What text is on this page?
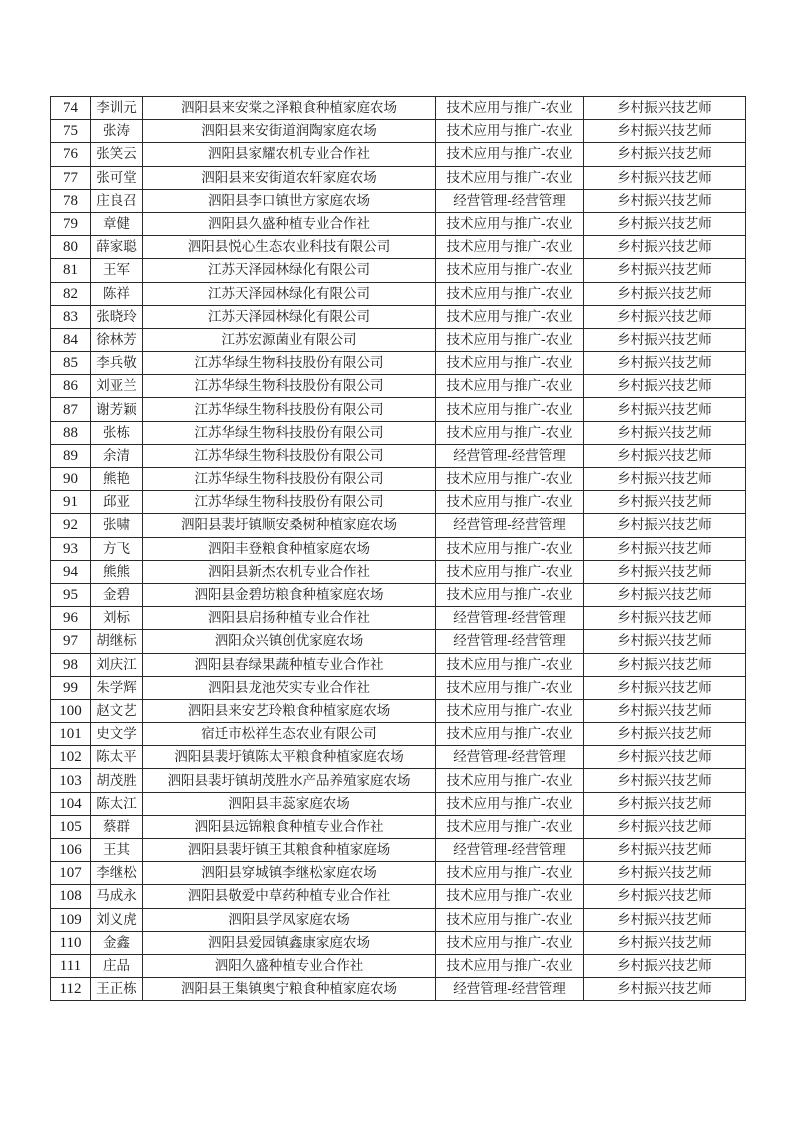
74	李训元	泗阳县来安棠之泽粮食种植家庭农场	技术应用与推广-农业	乡村振兴技艺师
75	张涛	泗阳县来安街道润陶家庭农场	技术应用与推广-农业	乡村振兴技艺师
76	张笑云	泗阳县家耀农机专业合作社	技术应用与推广-农业	乡村振兴技艺师
77	张可堂	泗阳县来安街道农轩家庭农场	技术应用与推广-农业	乡村振兴技艺师
78	庄良召	泗阳县李口镇世方家庭农场	经营管理-经营管理	乡村振兴技艺师
79	章健	泗阳县久盛种植专业合作社	技术应用与推广-农业	乡村振兴技艺师
80	薛家聪	泗阳县悦心生态农业科技有限公司	技术应用与推广-农业	乡村振兴技艺师
81	王军	江苏天泽园林绿化有限公司	技术应用与推广-农业	乡村振兴技艺师
82	陈祥	江苏天泽园林绿化有限公司	技术应用与推广-农业	乡村振兴技艺师
83	张晓玲	江苏天泽园林绿化有限公司	技术应用与推广-农业	乡村振兴技艺师
84	徐林芳	江苏宏源菌业有限公司	技术应用与推广-农业	乡村振兴技艺师
85	李兵敬	江苏华绿生物科技股份有限公司	技术应用与推广-农业	乡村振兴技艺师
86	刘亚兰	江苏华绿生物科技股份有限公司	技术应用与推广-农业	乡村振兴技艺师
87	谢芳颖	江苏华绿生物科技股份有限公司	技术应用与推广-农业	乡村振兴技艺师
88	张栋	江苏华绿生物科技股份有限公司	技术应用与推广-农业	乡村振兴技艺师
89	余清	江苏华绿生物科技股份有限公司	经营管理-经营管理	乡村振兴技艺师
90	熊艳	江苏华绿生物科技股份有限公司	技术应用与推广-农业	乡村振兴技艺师
91	邱亚	江苏华绿生物科技股份有限公司	技术应用与推广-农业	乡村振兴技艺师
92	张啸	泗阳县裴圩镇顺安桑树种植家庭农场	经营管理-经营管理	乡村振兴技艺师
93	方飞	泗阳丰登粮食种植家庭农场	技术应用与推广-农业	乡村振兴技艺师
94	熊熊	泗阳县新杰农机专业合作社	技术应用与推广-农业	乡村振兴技艺师
95	金碧	泗阳县金碧坊粮食种植家庭农场	技术应用与推广-农业	乡村振兴技艺师
96	刘标	泗阳县启扬种植专业合作社	经营管理-经营管理	乡村振兴技艺师
97	胡继标	泗阳众兴镇创优家庭农场	经营管理-经营管理	乡村振兴技艺师
98	刘庆江	泗阳县春绿果蔬种植专业合作社	技术应用与推广-农业	乡村振兴技艺师
99	朱学辉	泗阳县龙池芡实专业合作社	技术应用与推广-农业	乡村振兴技艺师
100	赵文艺	泗阳县来安艺玲粮食种植家庭农场	技术应用与推广-农业	乡村振兴技艺师
101	史文学	宿迁市松祥生态农业有限公司	技术应用与推广-农业	乡村振兴技艺师
102	陈太平	泗阳县裴圩镇陈太平粮食种植家庭农场	经营管理-经营管理	乡村振兴技艺师
103	胡茂胜	泗阳县裴圩镇胡茂胜水产品养殖家庭农场	技术应用与推广-农业	乡村振兴技艺师
104	陈太江	泗阳县丰蕊家庭农场	技术应用与推广-农业	乡村振兴技艺师
105	蔡群	泗阳县远锦粮食种植专业合作社	技术应用与推广-农业	乡村振兴技艺师
106	王其	泗阳县裴圩镇王其粮食种植家庭场	经营管理-经营管理	乡村振兴技艺师
107	李继松	泗阳县穿城镇李继松家庭农场	技术应用与推广-农业	乡村振兴技艺师
108	马成永	泗阳县敬爱中草药种植专业合作社	技术应用与推广-农业	乡村振兴技艺师
109	刘义虎	泗阳县学凤家庭农场	技术应用与推广-农业	乡村振兴技艺师
110	金鑫	泗阳县爱园镇鑫康家庭农场	技术应用与推广-农业	乡村振兴技艺师
111	庄品	泗阳久盛种植专业合作社	技术应用与推广-农业	乡村振兴技艺师
112	王正栋	泗阳县王集镇奥宁粮食种植家庭农场	经营管理-经营管理	乡村振兴技艺师
